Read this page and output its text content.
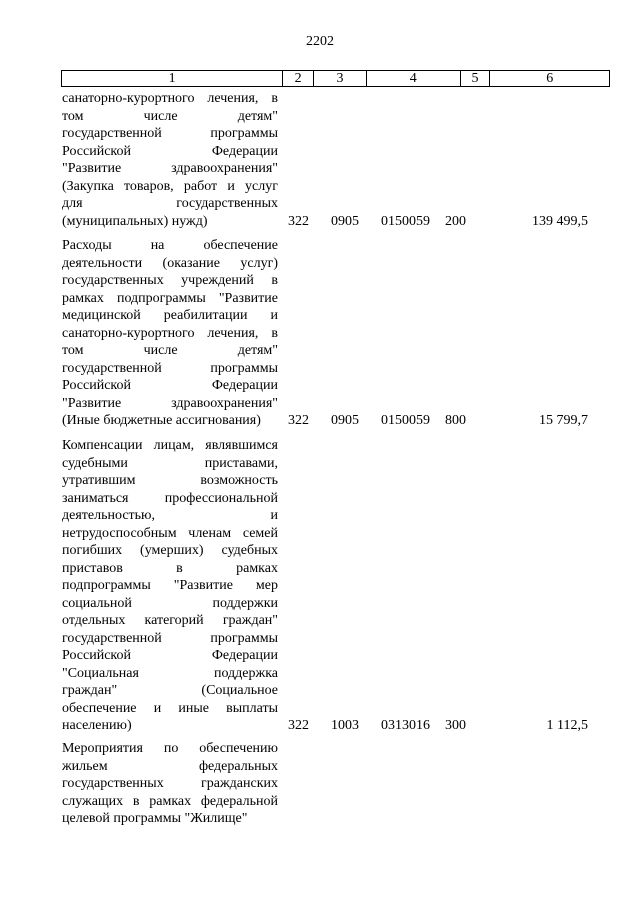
2202
1	2	3	4	5	6
санаторно-курортного лечения, в
том числе детям"
государственной программы
Российской Федерации
"Развитие здравоохранения"
(Закупка товаров, работ и услуг
для государственных
(муниципальных) нужд)	322 0905 0150059 200	139 499,5
Расходы на обеспечение
деятельности (оказание услуг)
государственных учреждений в
рамках подпрограммы "Развитие
медицинской реабилитации и
санаторно-курортного лечения, в
том числе детям"
государственной программы
Российской Федерации
"Развитие здравоохранения"
(Иные бюджетные ассигнования)	322 0905 0150059 800	15 799,7
Компенсации лицам, являвшимся
судебными приставами,
утратившим возможность
заниматься профессиональной
деятельностью, и
нетрудоспособным членам семей
погибших (умерших) судебных
приставов в рамках
подпрограммы "Развитие мер
социальной поддержки
отдельных категорий граждан"
государственной программы
Российской Федерации
"Социальная поддержка
граждан" (Социальное
обеспечение и иные выплаты
населению)	322 1003 0313016 300	1 112,5
Мероприятия по обеспечению
жильем федеральных
государственных гражданских
служащих в рамках федеральной
целевой программы "Жилище"
